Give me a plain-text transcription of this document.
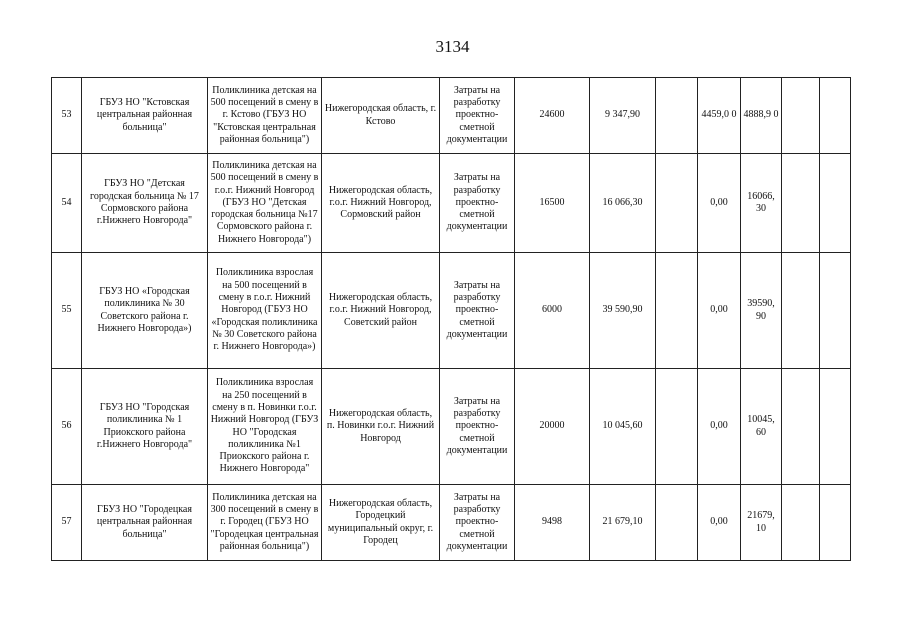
3134
53	ГБУЗ НО "Кстовская центральная районная больница"	Поликлиника детская на 500 посещений в смену в г. Кстово (ГБУЗ НО "Кстовская центральная районная больница")	Нижегородская область, г. Кстово	Затраты на разработку проектно-сметной документации	24600	9 347,90		4459,0 0	4888,9 0		
54	ГБУЗ НО "Детская городская больница № 17 Сормовского района г.Нижнего Новгорода"	Поликлиника детская на 500 посещений в смену в г.о.г. Нижний Новгород (ГБУЗ НО "Детская городская больница №17 Сормовского района г. Нижнего Новгорода")	Нижегородская область, г.о.г. Нижний Новгород, Сормовский район	Затраты на разработку проектно-сметной документации	16500	16 066,30		0,00	16066, 30		
55	ГБУЗ НО «Городская поликлиника № 30 Советского района г. Нижнего Новгорода»)	Поликлиника взрослая на 500 посещений в смену в г.о.г. Нижний Новгород (ГБУЗ НО «Городская поликлиника № 30 Советского района г. Нижнего Новгорода»)	Нижегородская область, г.о.г. Нижний Новгород, Советский район	Затраты на разработку проектно-сметной документации	6000	39 590,90		0,00	39590, 90		
56	ГБУЗ НО "Городская поликлиника № 1 Приокского района г.Нижнего Новгорода"	Поликлиника взрослая на 250 посещений в смену в п. Новинки г.о.г. Нижний Новгород (ГБУЗ НО "Городская поликлиника №1 Приокского района г. Нижнего Новгорода"	Нижегородская область, п. Новинки г.о.г. Нижний Новгород	Затраты на разработку проектно-сметной документации	20000	10 045,60		0,00	10045, 60		
57	ГБУЗ НО "Городецкая центральная районная больница"	Поликлиника детская на 300 посещений в смену в г. Городец (ГБУЗ НО "Городецкая центральная районная больница")	Нижегородская область, Городецкий муниципальный округ, г. Городец	Затраты на разработку проектно-сметной документации	9498	21 679,10		0,00	21679, 10		
